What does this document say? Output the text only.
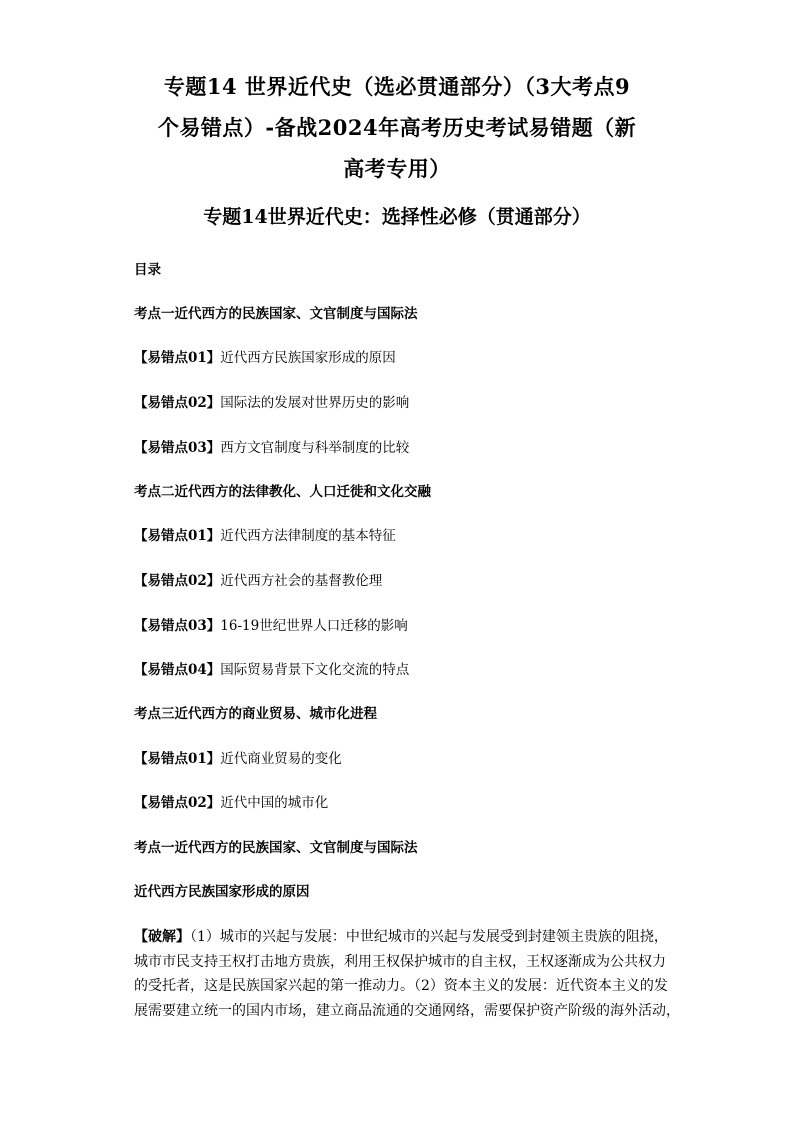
专题14 世界近代史（选必贯通部分）（3大考点9
个易错点）-备战2024年高考历史考试易错题（新
高考专用）
专题14世界近代史：选择性必修（贯通部分）
目录
考点一近代西方的民族国家、文官制度与国际法
【易错点01】近代西方民族国家形成的原因
【易错点02】国际法的发展对世界历史的影响
【易错点03】西方文官制度与科举制度的比较
考点二近代西方的法律教化、人口迁徙和文化交融
【易错点01】近代西方法律制度的基本特征
【易错点02】近代西方社会的基督教伦理
【易错点03】16-19世纪世界人口迁移的影响
【易错点04】国际贸易背景下文化交流的特点
考点三近代西方的商业贸易、城市化进程
【易错点01】近代商业贸易的变化
【易错点02】近代中国的城市化
考点一近代西方的民族国家、文官制度与国际法
近代西方民族国家形成的原因
【破解】（1）城市的兴起与发展：中世纪城市的兴起与发展受到封建领主贵族的阻挠，
城市市民支持王权打击地方贵族，利用王权保护城市的自主权，王权逐渐成为公共权力
的受托者，这是民族国家兴起的第一推动力。（2）资本主义的发展：近代资本主义的发
展需要建立统一的国内市场，建立商品流通的交通网络，需要保护资产阶级的海外活动，
